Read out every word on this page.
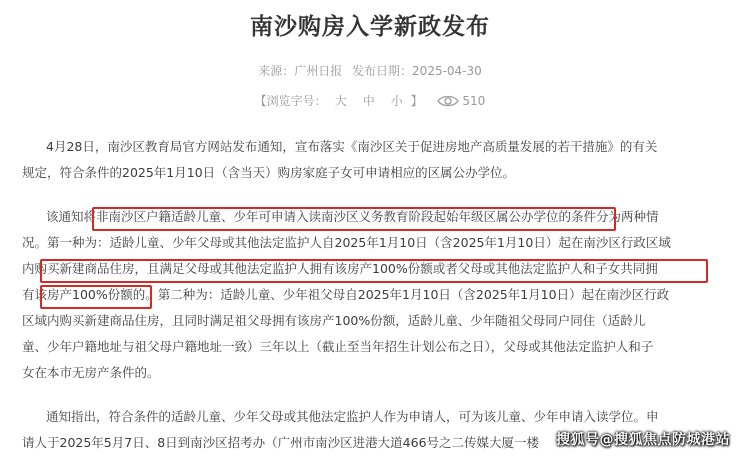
南沙购房入学新政发布
来源：广州日报 发布日期：2025-04-30
【浏览字号： 大 中 小 】	510
4月28日，南沙区教育局官方网站发布通知，宣布落实《南沙区关于促进房地产高质量发展的若干措施》的有关
规定，符合条件的2025年1月10日（含当天）购房家庭子女可申请相应的区属公办学位。
该通知将非南沙区户籍适龄儿童、少年可申请入读南沙区义务教育阶段起始年级区属公办学位的条件分为两种情
况。第一种为：适龄儿童、少年父母或其他法定监护人自2025年1月10日（含2025年1月10日）起在南沙区行政区域
内购买新建商品住房，且满足父母或其他法定监护人拥有该房产100%份额或者父母或其他法定监护人和子女共同拥
有该房产100%份额的。第二种为：适龄儿童、少年祖父母自2025年1月10日（含2025年1月10日）起在南沙区行政
区域内购买新建商品住房，且同时满足祖父母拥有该房产100%份额，适龄儿童、少年随祖父母同户同住（适龄儿
童、少年户籍地址与祖父母户籍地址一致）三年以上（截止至当年招生计划公布之日），父母或其他法定监护人和子
女在本市无房产条件的。
通知指出，符合条件的适龄儿童、少年父母或其他法定监护人作为申请人，可为该儿童、少年申请入读学位。申
请人于2025年5月7日、8日到南沙区招考办（广州市南沙区进港大道466号之二传媒大厦一楼	搜狐号@搜狐焦点防城港站
